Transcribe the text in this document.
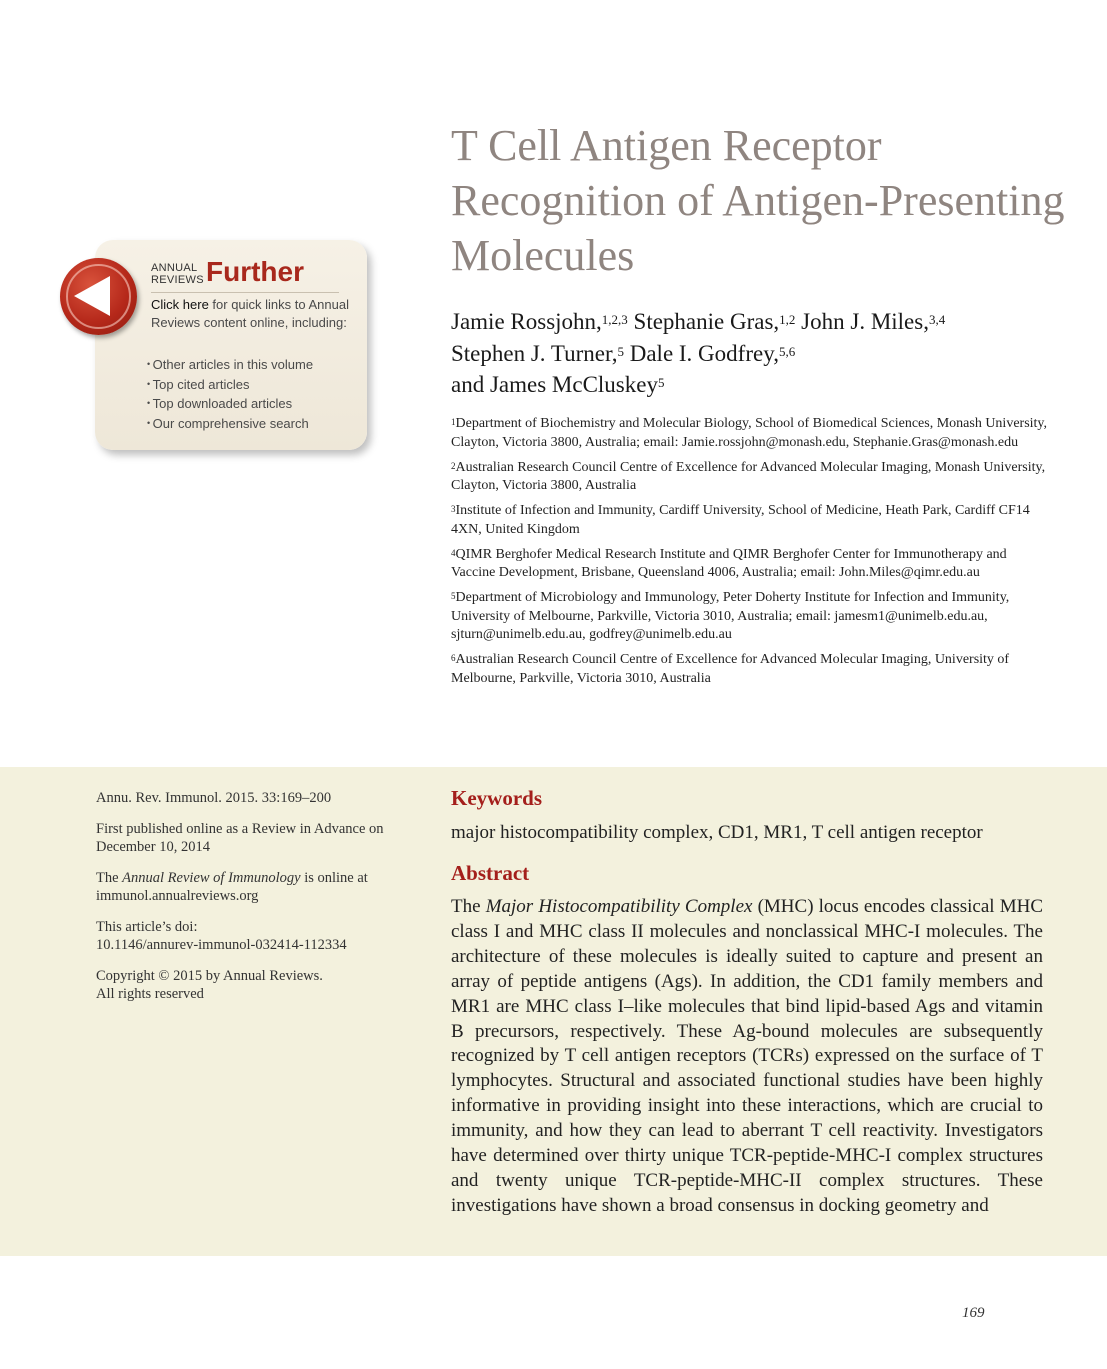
T Cell Antigen Receptor Recognition of Antigen-Presenting Molecules
Jamie Rossjohn,$^{1,2,3}$ Stephanie Gras,$^{1,2}$ John J. Miles,$^{3,4}$
Stephen J. Turner,$^5$ Dale I. Godfrey,$^{5,6}$
and James McCluskey$^5$

$^1$Department of Biochemistry and Molecular Biology, School of Biomedical Sciences, Monash University, Clayton, Victoria 3800, Australia; email: Jamie.rossjohn@monash.edu, Stephanie.Gras@monash.edu

$^2$Australian Research Council Centre of Excellence for Advanced Molecular Imaging, Monash University, Clayton, Victoria 3800, Australia

$^3$Institute of Infection and Immunity, Cardiff University, School of Medicine, Heath Park, Cardiff CF14 4XN, United Kingdom

$^4$QIMR Berghofer Medical Research Institute and QIMR Berghofer Center for Immunotherapy and Vaccine Development, Brisbane, Queensland 4006, Australia; email: John.Miles@qimr.edu.au

$^5$Department of Microbiology and Immunology, Peter Doherty Institute for Infection and Immunity, University of Melbourne, Parkville, Victoria 3010, Australia; email: jamesm1@unimelb.edu.au, sjturn@unimelb.edu.au, godfrey@unimelb.edu.au

$^6$Australian Research Council Centre of Excellence for Advanced Molecular Imaging, University of Melbourne, Parkville, Victoria 3010, Australia

ANNUAL
REVIEWS Further
Click here for quick links to Annual Reviews content online, including:
• Other articles in this volume
• Top cited articles
• Top downloaded articles
• Our comprehensive search

Annu. Rev. Immunol. 2015. 33:169–200

First published online as a Review in Advance on December 10, 2014

The Annual Review of Immunology is online at immunol.annualreviews.org

This article’s doi:
10.1146/annurev-immunol-032414-112334

Copyright © 2015 by Annual Reviews.
All rights reserved

Keywords
major histocompatibility complex, CD1, MR1, T cell antigen receptor
Abstract

The Major Histocompatibility Complex (MHC) locus encodes classical MHC class I and MHC class II molecules and nonclassical MHC-I molecules. The architecture of these molecules is ideally suited to capture and present an array of peptide antigens (Ags). In addition, the CD1 family members and MR1 are MHC class I–like molecules that bind lipid-based Ags and vitamin B precursors, respectively. These Ag-bound molecules are subsequently recognized by T cell antigen receptors (TCRs) expressed on the surface of T lymphocytes. Structural and associated functional studies have been highly informative in providing insight into these interactions, which are crucial to immunity, and how they can lead to aberrant T cell reactivity. Investigators have determined over thirty unique TCR-peptide-MHC-I complex structures and twenty unique TCR-peptide-MHC-II complex structures. These investigations have shown a broad consensus in docking geometry and

169
